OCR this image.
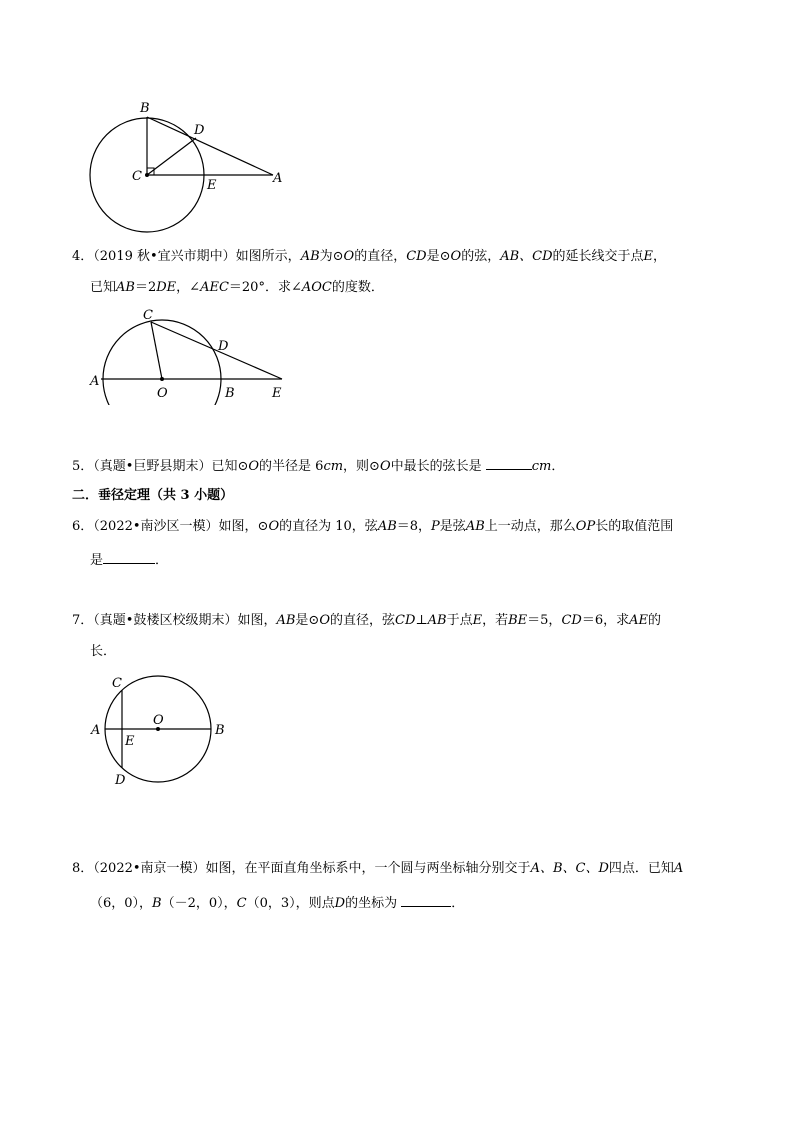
B
D
C
E	A
4．（2019 秋•宜兴市期中）如图所示，AB为⊙O的直径，CD是⊙O的弦，AB、CD的延长线交于点E，
已知AB＝2DE，∠AEC＝20°．求∠AOC的度数．
C
D
A
O	B	E
5．（真题•巨野县期末）已知⊙O的半径是 6cm，则⊙O中最长的弦长是	cm．
二．垂径定理（共 3 小题）
6．（2022•南沙区一模）如图，⊙O的直径为 10，弦AB＝8，P是弦AB上一动点，那么OP长的取值范围
是	．
7．（真题•鼓楼区校级期末）如图，AB是⊙O的直径，弦CD⊥AB于点E，若BE＝5，CD＝6，求AE的
长．
C
A
O
B
E
D
8．（2022•南京一模）如图，在平面直角坐标系中，一个圆与两坐标轴分别交于A、B、C、D四点．已知A
（6，0），B（－2，0），C（0，3），则点D的坐标为	．
